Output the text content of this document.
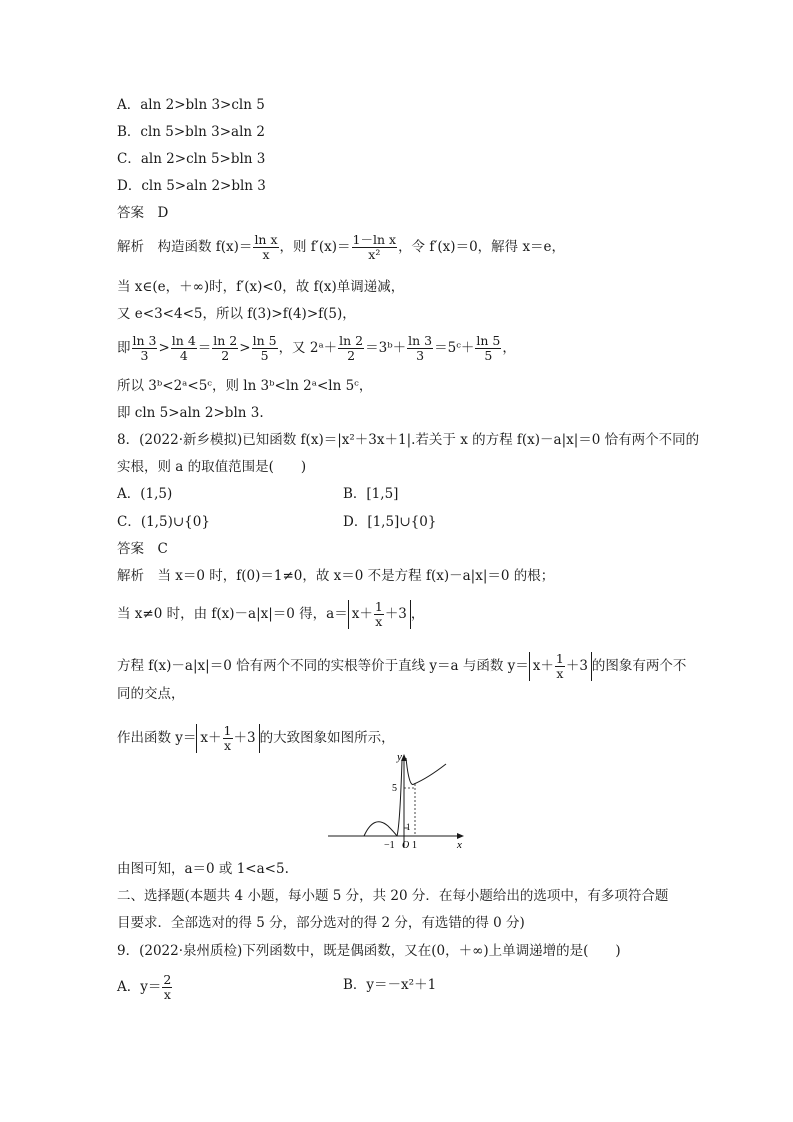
A．aln 2>bln 3>cln 5
B．cln 5>bln 3>aln 2
C．aln 2>cln 5>bln 3
D．cln 5>aln 2>bln 3
答案　D
解析　构造函数 $f(x)= \frac{\text{ln x}}{x}$ ，则 $f'(x)= \frac{\text{1－ln x}}{\text{x²}}$ ，令 f′(x)＝0，解得 x＝e，
当 x∈(e，＋∞)时，f′(x)<0，故 f(x)单调递减，
又 e<3<4<5，所以 f(3)>f(4)>f(5)，
即 $\frac{\ln 3}{3} > \frac{\ln 4}{4} = \frac{\ln 2}{2} > \frac{\ln 5}{5}$ ，又 2ᵃ＋ $\frac{\ln 2}{2}$ ＝3ᵇ＋ $\frac{\ln 3}{3}$ ＝5ᶜ＋ $\frac{\ln 5}{5}$ ，
所以 3ᵇ<2ᵃ<5ᶜ，则 ln 3ᵇ<ln 2ᵃ<ln 5ᶜ，
即 cln 5>aln 2>bln 3.
8．(2022·新乡模拟)已知函数 f(x)＝|x²＋3x＋1|.若关于 x 的方程 f(x)－a|x|＝0 恰有两个不同的
实根，则 a 的取值范围是(　　)
A．(1,5)	B．[1,5]
C．(1,5)∪{0}	D．[1,5]∪{0}
答案　C
解析　当 x＝0 时，f(0)＝1≠0，故 x＝0 不是方程 f(x)－a|x|＝0 的根；
当 x≠0 时，由 f(x)－a|x|＝0 得，$a= x+ \frac{1}{x} +3$ ，
方程 f(x)－a|x|＝0 恰有两个不同的实根等价于直线 y＝a 与函数 $y= x+ \frac{1}{x} +3$ 的图象有两个不
同的交点，
作出函数 $y= x+ \frac{1}{x} +3$ 的大致图象如图所示，
y
x
5
1
−1 O 1
由图可知，a＝0 或 1<a<5.
二、选择题(本题共 4 小题，每小题 5 分，共 20 分．在每小题给出的选项中，有多项符合题
目要求．全部选对的得 5 分，部分选对的得 2 分，有选错的得 0 分)
9．(2022·泉州质检)下列函数中，既是偶函数，又在(0，＋∞)上单调递增的是(　　)
A．$y= \frac{2}{x}$	B．y＝－x²＋1
